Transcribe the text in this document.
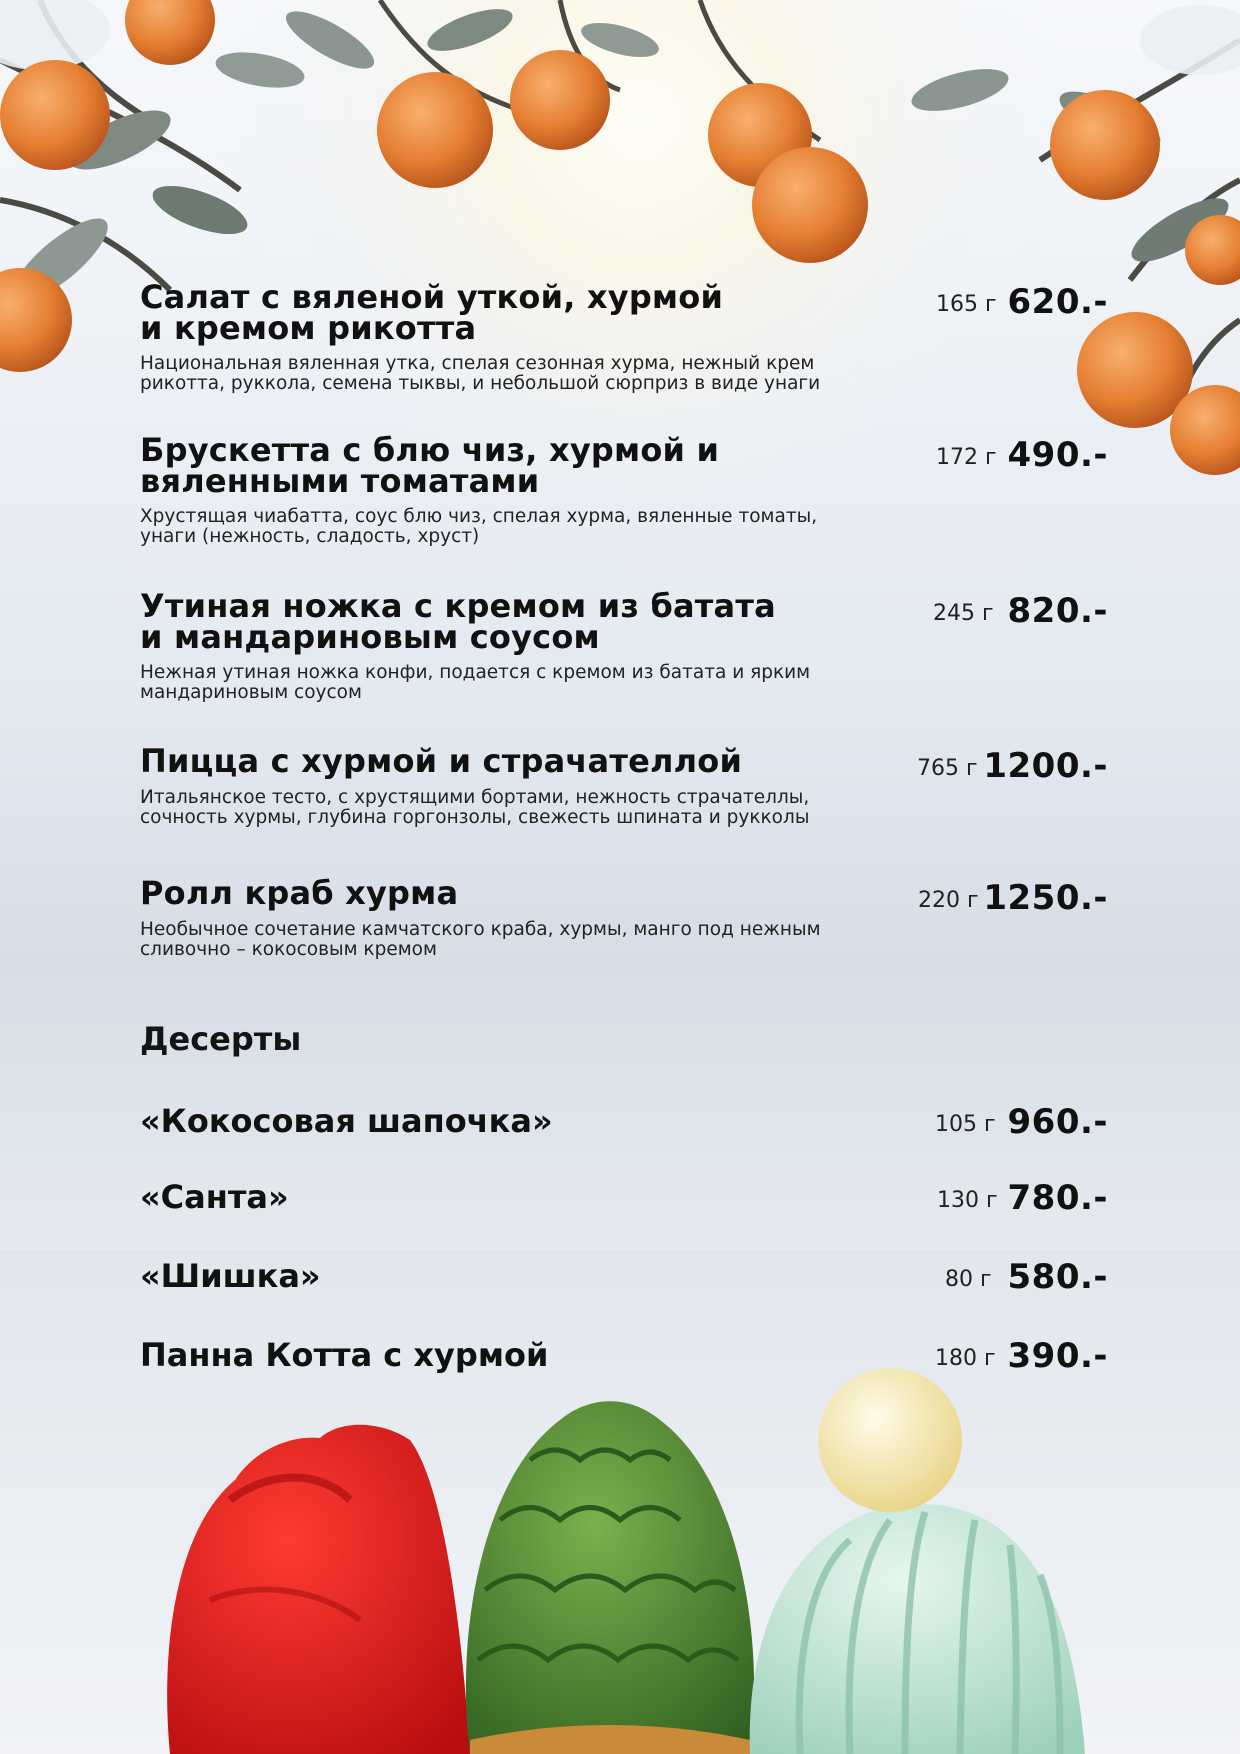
Салат с вяленой уткой, хурмой
и кремом рикотта
165 г 620.-
Национальная вяленная утка, спелая сезонная хурма, нежный крем рикотта, руккола, семена тыквы, и небольшой сюрприз в виде унаги
Брускетта с блю чиз, хурмой и вяленными томатами
172 г 490.-
Хрустящая чиабатта, соус блю чиз, спелая хурма, вяленные томаты, унаги (нежность, сладость, хруст)
Утиная ножка с кремом из батата
и мандариновым соусом
245 г 820.-
Нежная утиная ножка конфи, подается с кремом из батата и ярким мандариновым соусом
Пицца с хурмой и страчателлой	765 г 1200.-
Итальянское тесто, с хрустящими бортами, нежность страчателлы, сочность хурмы, глубина горгонзолы, свежесть шпината и рукколы
Ролл краб хурма	220 г 1250.-
Необычное сочетание камчатского краба, хурмы, манго под нежным сливочно – кокосовым кремом
Десерты
«Кокосовая шапочка»	105 г 960.-
«Санта»	130 г 780.-
«Шишка»	80 г 580.-
Панна Котта с хурмой	180 г 390.-
